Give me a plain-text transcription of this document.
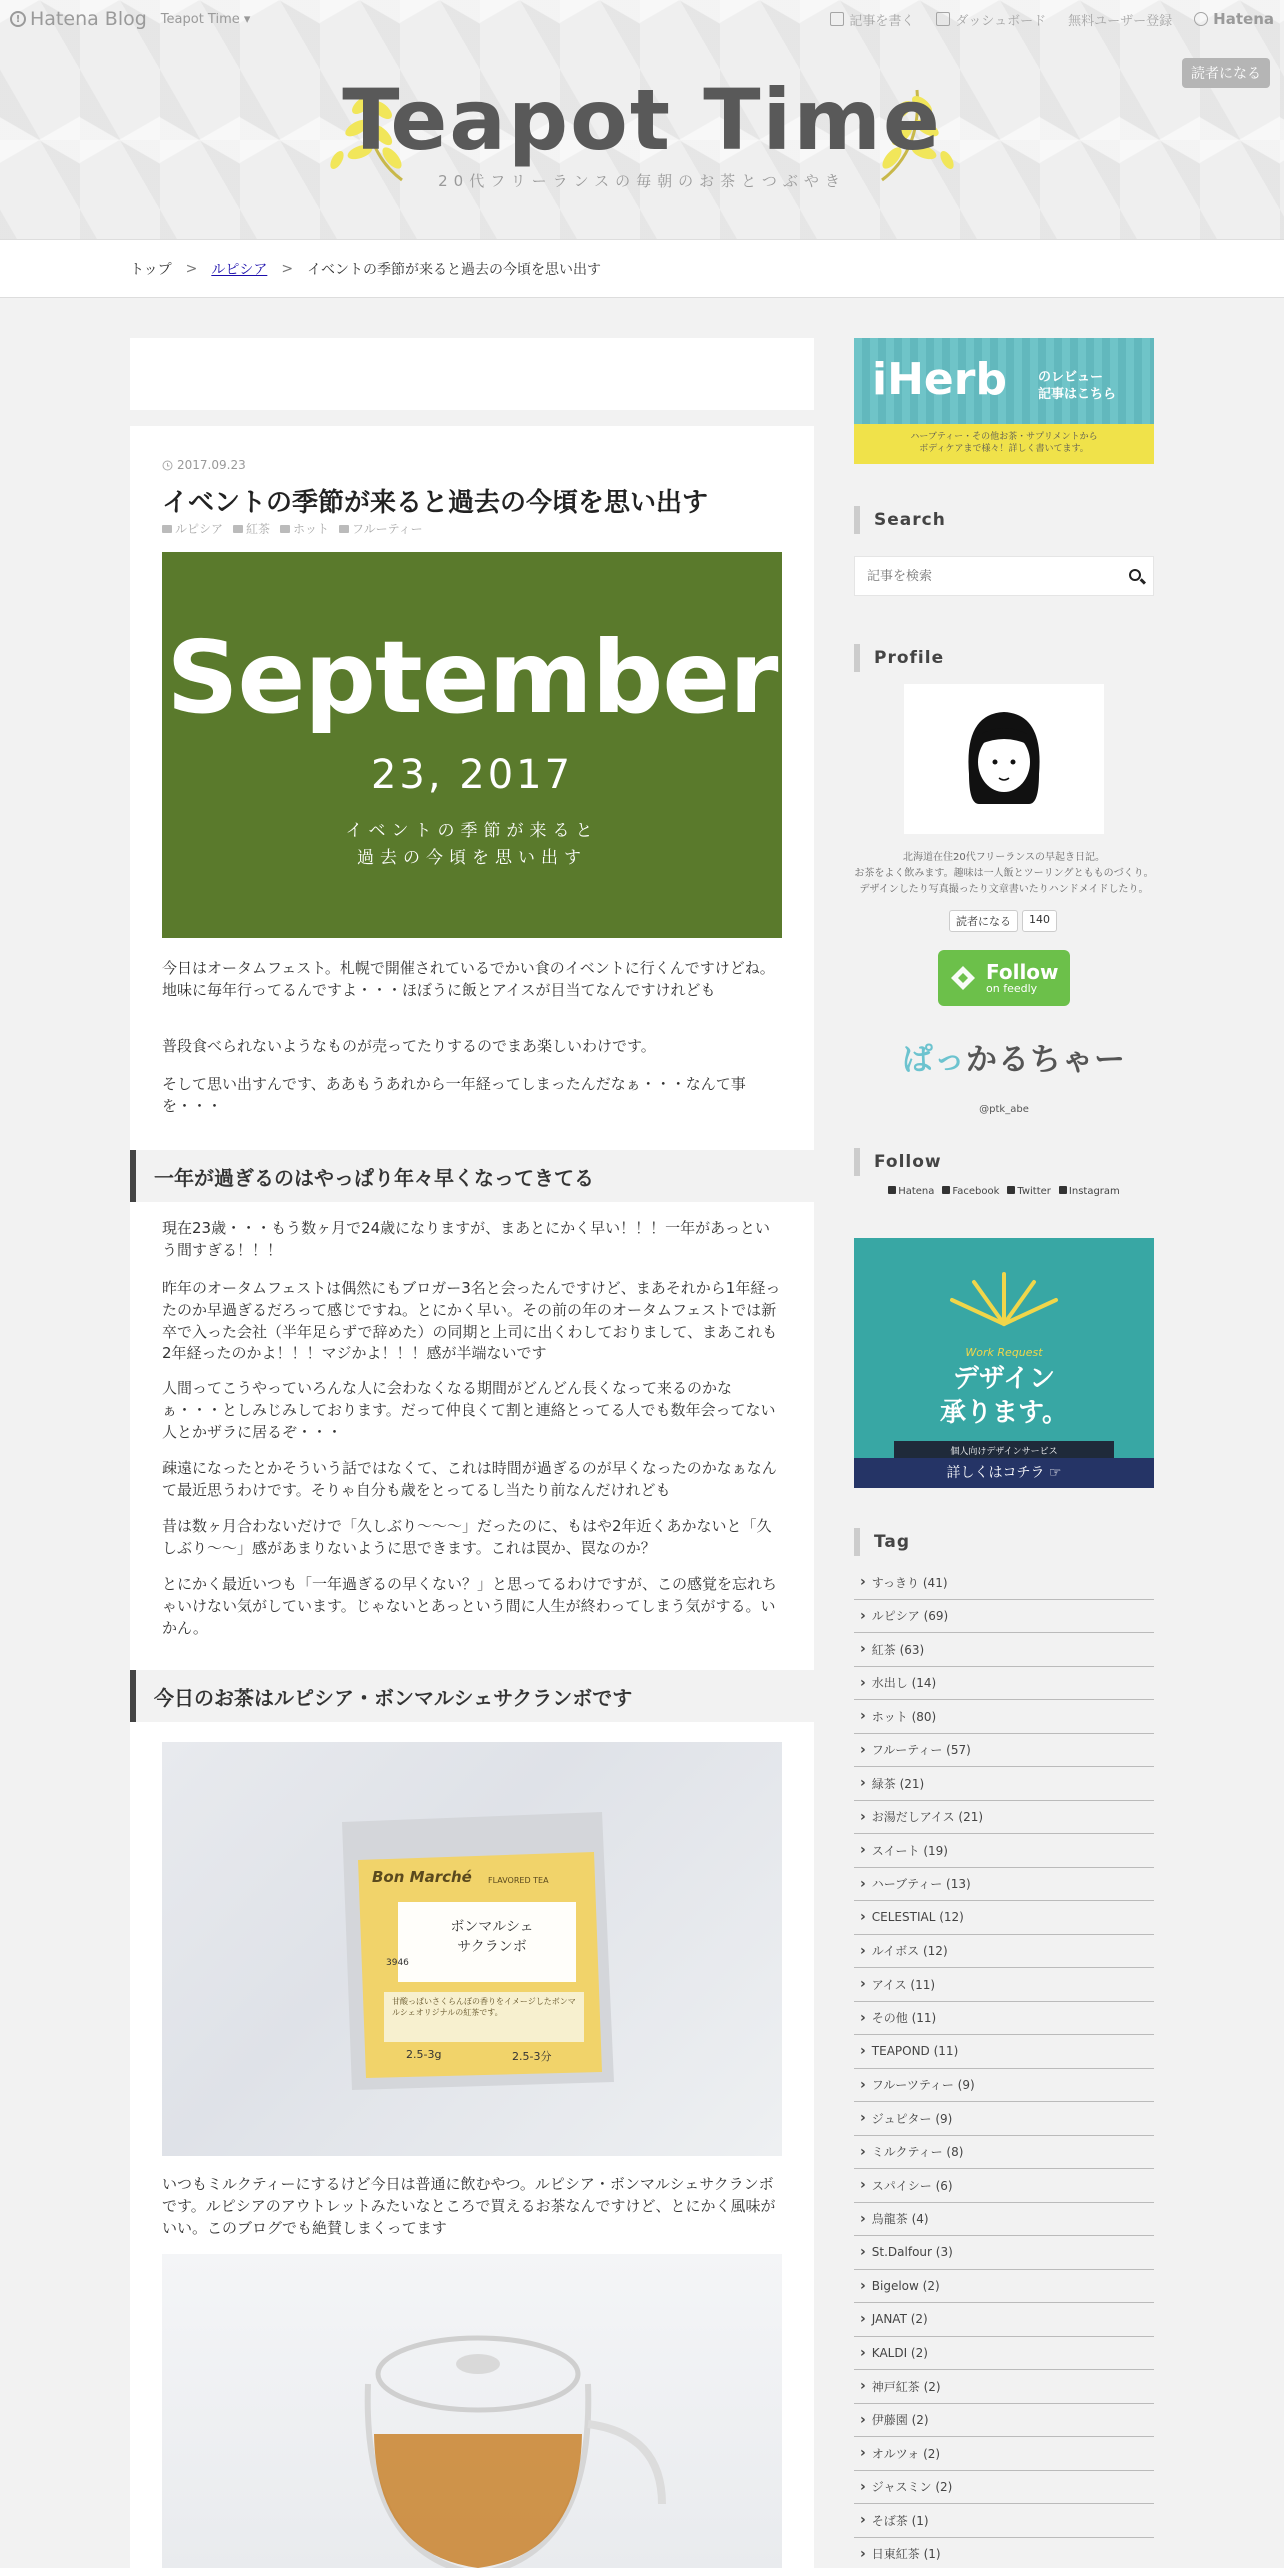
Teapot Time
20代フリーランスの毎朝のお茶とつぶやき
読者になる
! Hatena Blog Teapot Time ▾	記事を書く	ダッシュボード 無料ユーザー登録	Hatena
トップ > ルピシア > イベントの季節が来ると過去の今頃を思い出す
2017.09.23
イベントの季節が来ると過去の今頃を思い出す
ルピシア	紅茶	ホット	フルーティー
September
23, 2017
イベントの季節が来ると
過去の今頃を思い出す

今日はオータムフェスト。札幌で開催されているでかい食のイベントに行くんですけどね。地味に毎年行ってるんですよ・・・ほぼうに飯とアイスが目当てなんですけれども

普段食べられないようなものが売ってたりするのでまあ楽しいわけです。

そして思い出すんです、ああもうあれから一年経ってしまったんだなぁ・・・なんて事を・・・

一年が過ぎるのはやっぱり年々早くなってきてる

現在23歳・・・もう数ヶ月で24歳になりますが、まあとにかく早い！！！一年があっという間すぎる！！！

昨年のオータムフェストは偶然にもブロガー3名と会ったんですけど、まあそれから1年経ったのか早過ぎるだろって感じですね。とにかく早い。その前の年のオータムフェストでは新卒で入った会社（半年足らずで辞めた）の同期と上司に出くわしておりまして、まあこれも2年経ったのかよ！！！マジかよ！！！感が半端ないです

人間ってこうやっていろんな人に会わなくなる期間がどんどん長くなって来るのかなぁ・・・としみじみしております。だって仲良くて割と連絡とってる人でも数年会ってない人とかザラに居るぞ・・・

疎遠になったとかそういう話ではなくて、これは時間が過ぎるのが早くなったのかなぁなんて最近思うわけです。そりゃ自分も歳をとってるし当たり前なんだけれども

昔は数ヶ月合わないだけで「久しぶり〜〜〜」だったのに、もはや2年近くあかないと「久しぶり〜〜」感があまりないように思できます。これは罠か、罠なのか？

とにかく最近いつも「一年過ぎるの早くない？」と思ってるわけですが、この感覚を忘れちゃいけない気がしています。じゃないとあっという間に人生が終わってしまう気がする。いかん。

今日のお茶はルピシア・ボンマルシェサクランボです
Bon Marché FLAVORED TEA
ボンマルシェ
サクランボ
3946
甘酸っぱいさくらんぼの香りをイメージしたボンマルシェオリジナルの紅茶です。
2.5-3g	2.5-3分

いつもミルクティーにするけど今日は普通に飲むやつ。ルピシア・ボンマルシェサクランボです。ルピシアのアウトレットみたいなところで買えるお茶なんですけど、とにかく風味がいい。このブログでも絶賛しまくってます

iHerb のレビュー
記事はこちら
ハーブティー・その他お茶・サプリメントから
ボディケアまで様々！詳しく書いてます。
Search
記事を検索
Profile
北海道在住20代フリーランスの早起き日記。
お茶をよく飲みます。趣味は一人飯とツーリングともものづくり。
デザインしたり写真撮ったり文章書いたりハンドメイドしたり。
読者になる	140
Follow
on feedly
ぱっかるちゃー
@ptk_abe
Follow
Hatena	Facebook	Twitter	Instagram
Work Request
デザイン
承ります。
個人向けデザインサービス
詳しくはコチラ ☞
Tag
› すっきり (41)
› ルピシア (69)
› 紅茶 (63)
› 水出し (14)
› ホット (80)
› フルーティー (57)
› 緑茶 (21)
› お湯だしアイス (21)
› スイート (19)
› ハーブティー (13)
› CELESTIAL (12)
› ルイボス (12)
› アイス (11)
› その他 (11)
› TEAPOND (11)
› フルーツティー (9)
› ジュピター (9)
› ミルクティー (8)
› スパイシー (6)
› 烏龍茶 (4)
› St.Dalfour (3)
› Bigelow (2)
› JANAT (2)
› KALDI (2)
› 神戸紅茶 (2)
› 伊藤園 (2)
› オルツォ (2)
› ジャスミン (2)
› そば茶 (1)
› 日東紅茶 (1)
